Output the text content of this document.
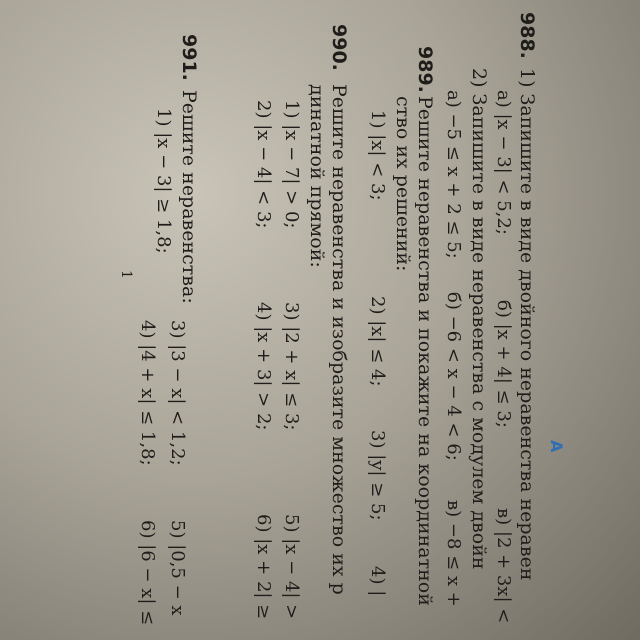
А
988.
1) Запишите в виде двойного неравенства неравен
а) |x − 3| < 5,2;
б) |x + 4| ≤ 3;
в) |2 + 3x| <
2) Запишите в виде неравенства с модулем двойн
а) −5 ≤ x + 2 ≤ 5;
б) −6 < x − 4 < 6;
в) −8 ≤ x +
989.
Решите неравенства и покажите на координатной
ство их решений:
1) |x| < 3;
2) |x| ≤ 4;
3) |y| ≥ 5;
4) |
990.
Решите неравенства и изобразите множество их р
динатной прямой:
1) |x − 7| > 0;
3) |2 + x| ≤ 3;
5) |x − 4| >
2) |x − 4| < 3;
4) |x + 3| > 2;
6) |x + 2| ≥
991.
Решите неравенства:
1) |x − 3| ≥ 1,8;
3) |3 − x| < 1,2;
5) |0,5 − x
4) |4 + x| ≤ 1,8;
6) |6 − x| ≤
1
